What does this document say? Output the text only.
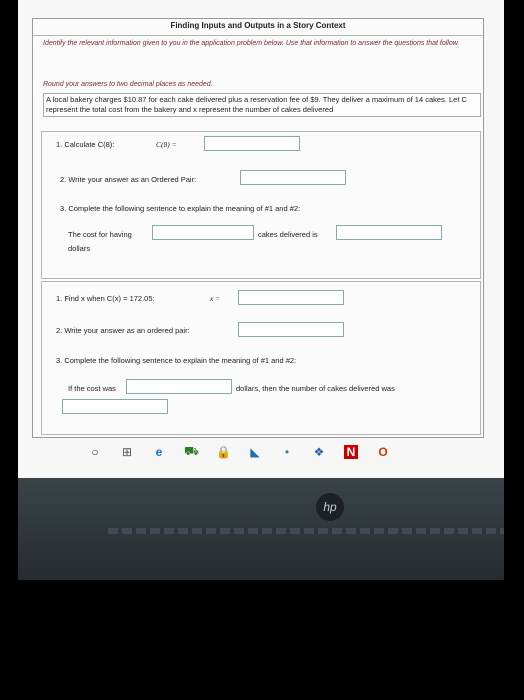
Finding Inputs and Outputs in a Story Context
Identify the relevant information given to you in the application problem below. Use that information to answer the questions that follow.
Round your answers to two decimal places as needed.
A local bakery charges $10.87 for each cake delivered plus a reservation fee of $9. They deliver a maximum of 14 cakes. Let C represent the total cost from the bakery and x represent the number of cakes delivered
1. Calculate C(8):	C(8) =
2. Write your answer as an Ordered Pair:
3. Complete the following sentence to explain the meaning of #1 and #2:
The cost for having	cakes delivered is
dollars
1. Find x when C(x) = 172.05:	x =
2. Write your answer as an ordered pair:
3. Complete the following sentence to explain the meaning of #1 and #2:
If the cost was	dollars, then the number of cakes delivered was
○ ⊞	e	⛟ 🔒 ◣	•	❖ N O
hp
